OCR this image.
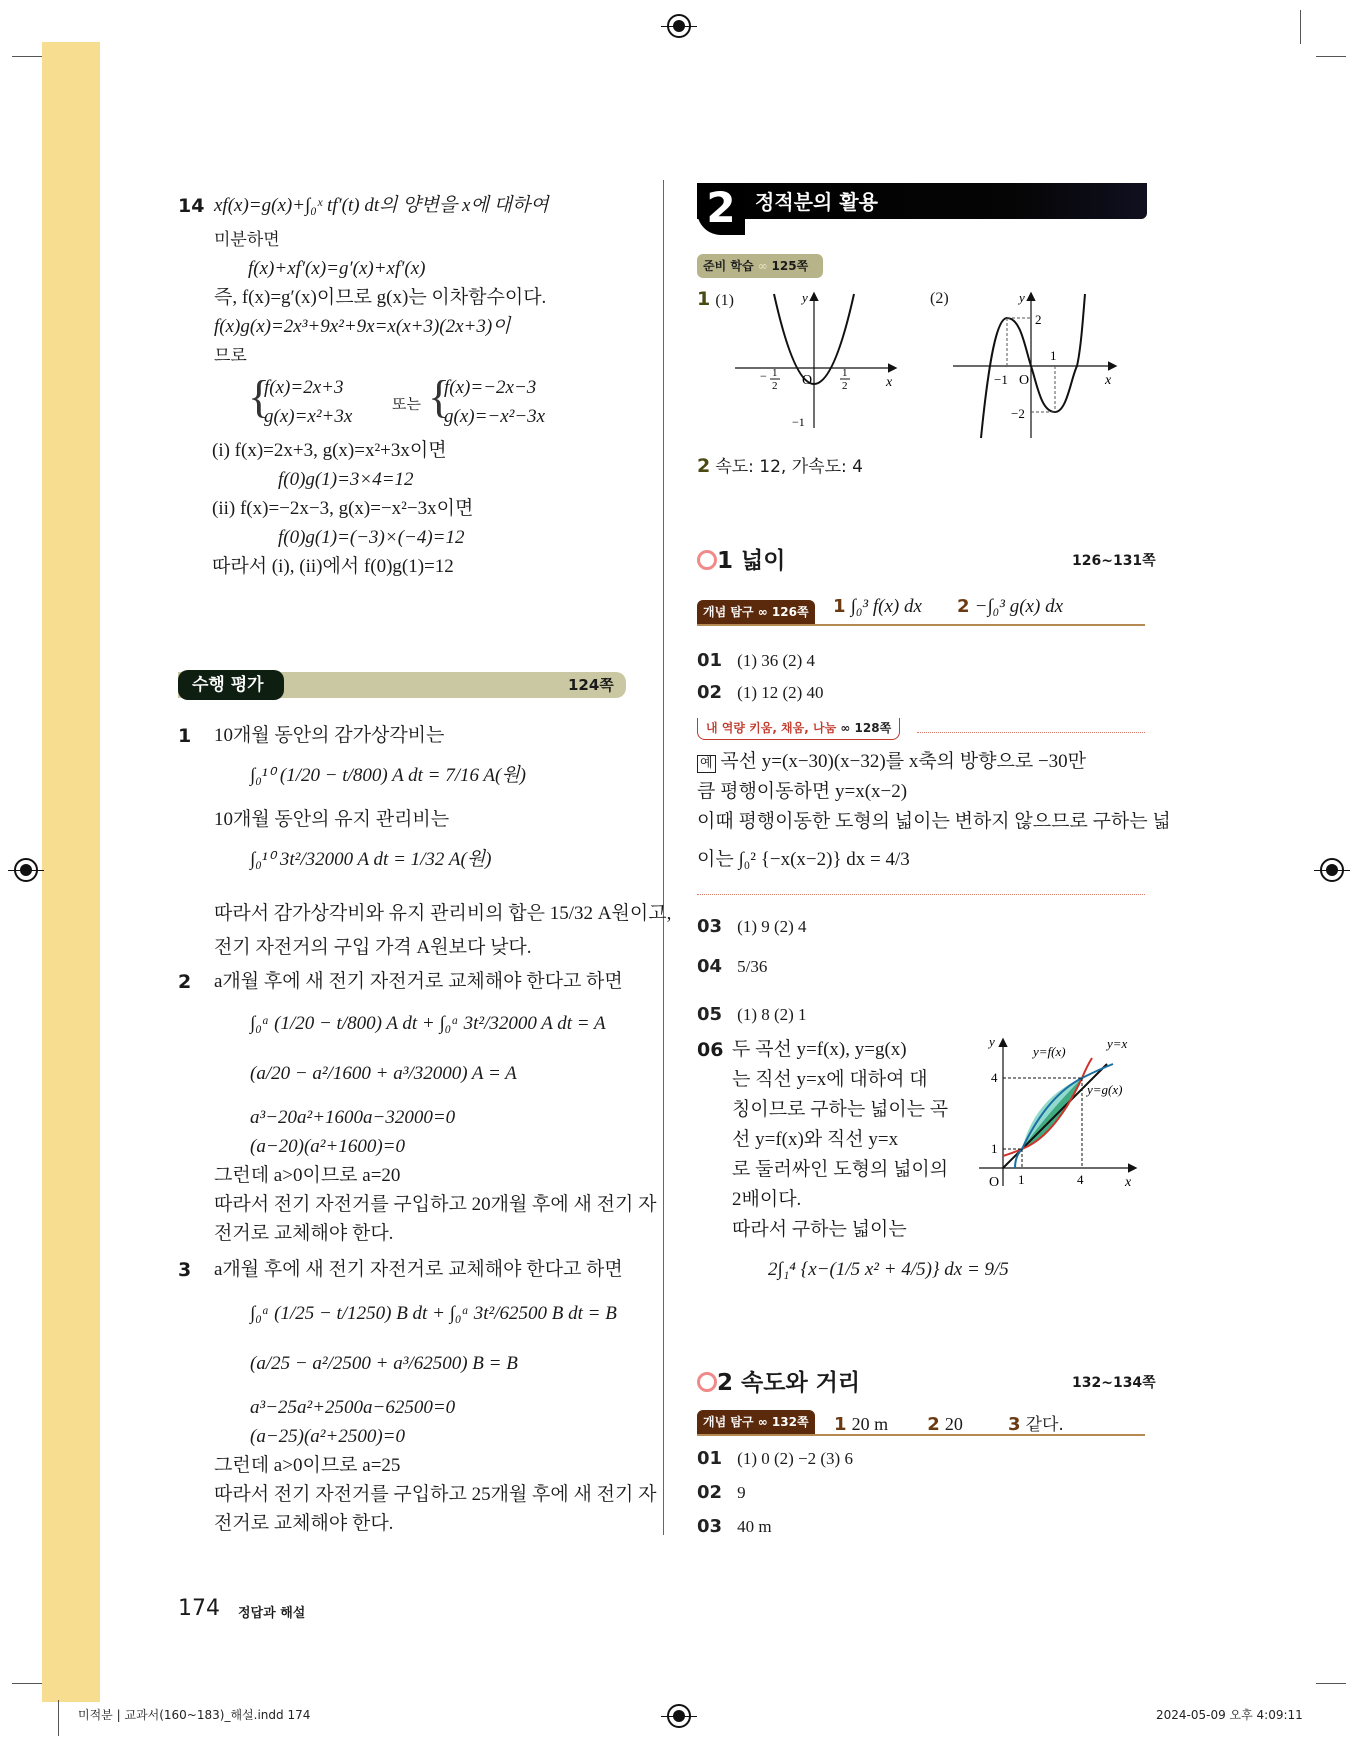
14 xf(x)=g(x)+∫₀ˣ tf′(t) dt의 양변을 x에 대하여
미분하면
f(x)+xf′(x)=g′(x)+xf′(x)
즉, f(x)=g′(x)이므로 g(x)는 이차함수이다.
f(x)g(x)=2x³+9x²+9x=x(x+3)(2x+3)이
므로
{
f(x)=2x+3
g(x)=x²+3x
또는 {
f(x)=−2x−3
g(x)=−x²−3x
(i) f(x)=2x+3, g(x)=x²+3x이면
f(0)g(1)=3×4=12
(ii) f(x)=−2x−3, g(x)=−x²−3x이면
f(0)g(1)=(−3)×(−4)=12
따라서 (i), (ii)에서 f(0)g(1)=12
수행 평가	124쪽
1 10개월 동안의 감가상각비는
∫₀¹⁰ (1/20 − t/800) A dt = 7/16 A(원)
10개월 동안의 유지 관리비는
∫₀¹⁰ 3t²/32000 A dt = 1/32 A(원)
따라서 감가상각비와 유지 관리비의 합은 15/32 A원이고,
전기 자전거의 구입 가격 A원보다 낮다.
2 a개월 후에 새 전기 자전거로 교체해야 한다고 하면
∫₀ᵃ (1/20 − t/800) A dt + ∫₀ᵃ 3t²/32000 A dt = A
(a/20 − a²/1600 + a³/32000) A = A
a³−20a²+1600a−32000=0
(a−20)(a²+1600)=0
그런데 a>0이므로 a=20
따라서 전기 자전거를 구입하고 20개월 후에 새 전기 자
전거로 교체해야 한다.
3 a개월 후에 새 전기 자전거로 교체해야 한다고 하면
∫₀ᵃ (1/25 − t/1250) B dt + ∫₀ᵃ 3t²/62500 B dt = B
(a/25 − a²/2500 + a³/62500) B = B
a³−25a²+2500a−62500=0
(a−25)(a²+2500)=0
그런데 a>0이므로 a=25
따라서 전기 자전거를 구입하고 25개월 후에 새 전기 자
전거로 교체해야 한다.
2 정적분의 활용
준비 학습 ∞ 125쪽
1 (1)	(2)
y
x
O
− 1
2
1
2
−1
y
x
O
−1
1
2
−2
2 속도: 12, 가속도: 4
1 넓이	126~131쪽
개념 탐구 ∞ 126쪽	1 ∫₀³ f(x) dx 2 −∫₀³ g(x) dx
01 (1) 36 (2) 4
02 (1) 12 (2) 40
내 역량 키움, 채움, 나눔 ∞ 128쪽
예 곡선 y=(x−30)(x−32)를 x축의 방향으로 −30만
큼 평행이동하면 y=x(x−2)
이때 평행이동한 도형의 넓이는 변하지 않으므로 구하는 넓
이는 ∫₀² {−x(x−2)} dx = 4/3
03 (1) 9 (2) 4
04 5/36
05 (1) 8 (2) 1
06 두 곡선 y=f(x), y=g(x)
는 직선 y=x에 대하여 대
칭이므로 구하는 넓이는 곡
선 y=f(x)와 직선 y=x
로 둘러싸인 도형의 넓이의
2배이다.
따라서 구하는 넓이는
2∫₁⁴ {x−(1/5 x² + 4/5)} dx = 9/5
y
x
O 1	4
1
4
y=f(x)
y=x
y=g(x)
2 속도와 거리	132~134쪽
개념 탐구 ∞ 132쪽	1 20 m 2 20	3 같다.
01 (1) 0 (2) −2 (3) 6
02 9
03 40 m
174 정답과 해설
미적분 | 교과서(160~183)_해설.indd 174	2024-05-09 오후 4:09:11
